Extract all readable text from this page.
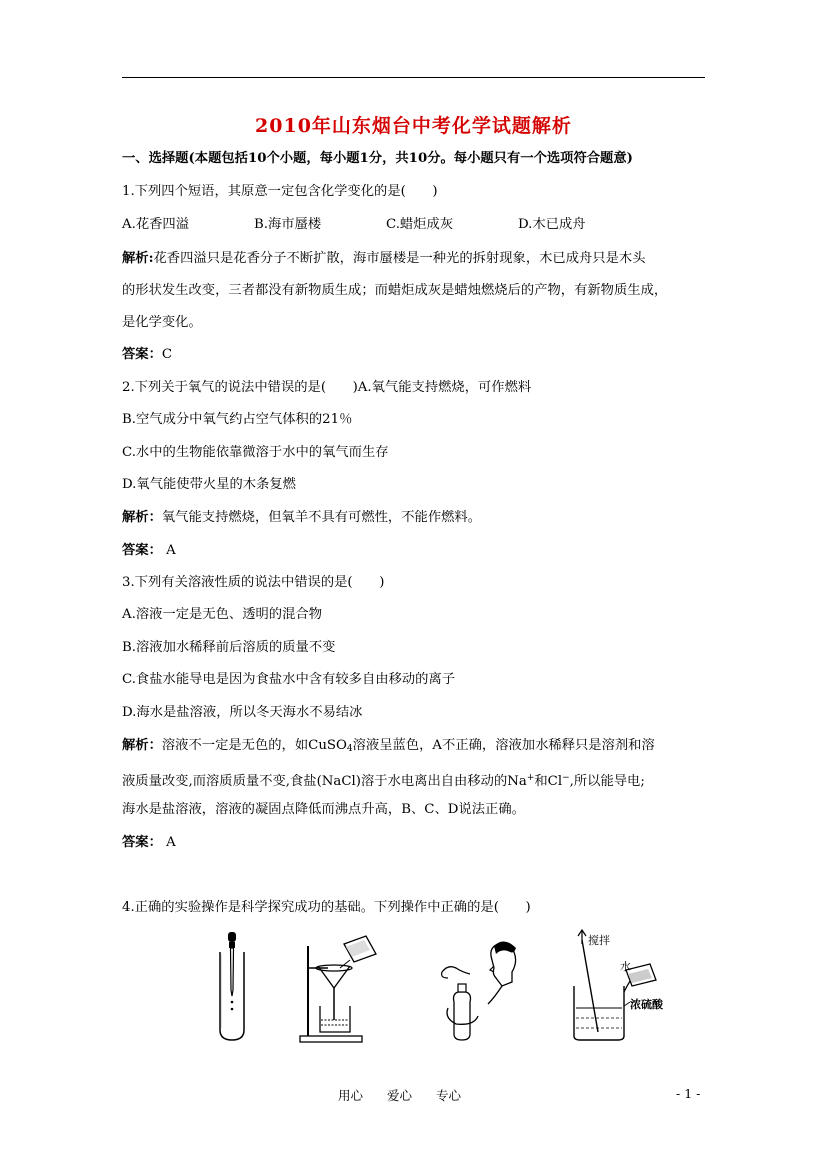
2010年山东烟台中考化学试题解析
一、选择题(本题包括10个小题，每小题1分，共10分。每小题只有一个选项符合题意)
1.下列四个短语，其原意一定包含化学变化的是(　　)
A.花香四溢	B.海市蜃楼	C.蜡炬成灰	D.木已成舟
解析:花香四溢只是花香分子不断扩散，海市蜃楼是一种光的拆射现象，木已成舟只是木头
的形状发生改变，三者都没有新物质生成；而蜡炬成灰是蜡烛燃烧后的产物，有新物质生成，
是化学变化。
答案：C
2.下列关于氧气的说法中错误的是(　　)A.氧气能支持燃烧，可作燃料
B.空气成分中氧气约占空气体积的21％
C.水中的生物能依靠微溶于水中的氧气而生存
D.氧气能使带火星的木条复燃
解析：氧气能支持燃烧，但氧羊不具有可燃性，不能作燃料。
答案： A
3.下列有关溶液性质的说法中错误的是(　　)
A.溶液一定是无色、透明的混合物
B.溶液加水稀释前后溶质的质量不变
C.食盐水能导电是因为食盐水中含有较多自由移动的离子
D.海水是盐溶液，所以冬天海水不易结冰
解析：溶液不一定是无色的，如CuSO$_4$溶液呈蓝色，A不正确，溶液加水稀释只是溶剂和溶
液质量改变,而溶质质量不变,食盐(NaCl)溶于水电离出自由移动的Na+和Cl−,所以能导电;
海水是盐溶液，溶液的凝固点降低而沸点升高，B、C、D说法正确。
答案： A
4.正确的实验操作是科学探究成功的基础。下列操作中正确的是(　　)
搅拌
水
浓硫酸
用心 爱心 专心	- 1 -
